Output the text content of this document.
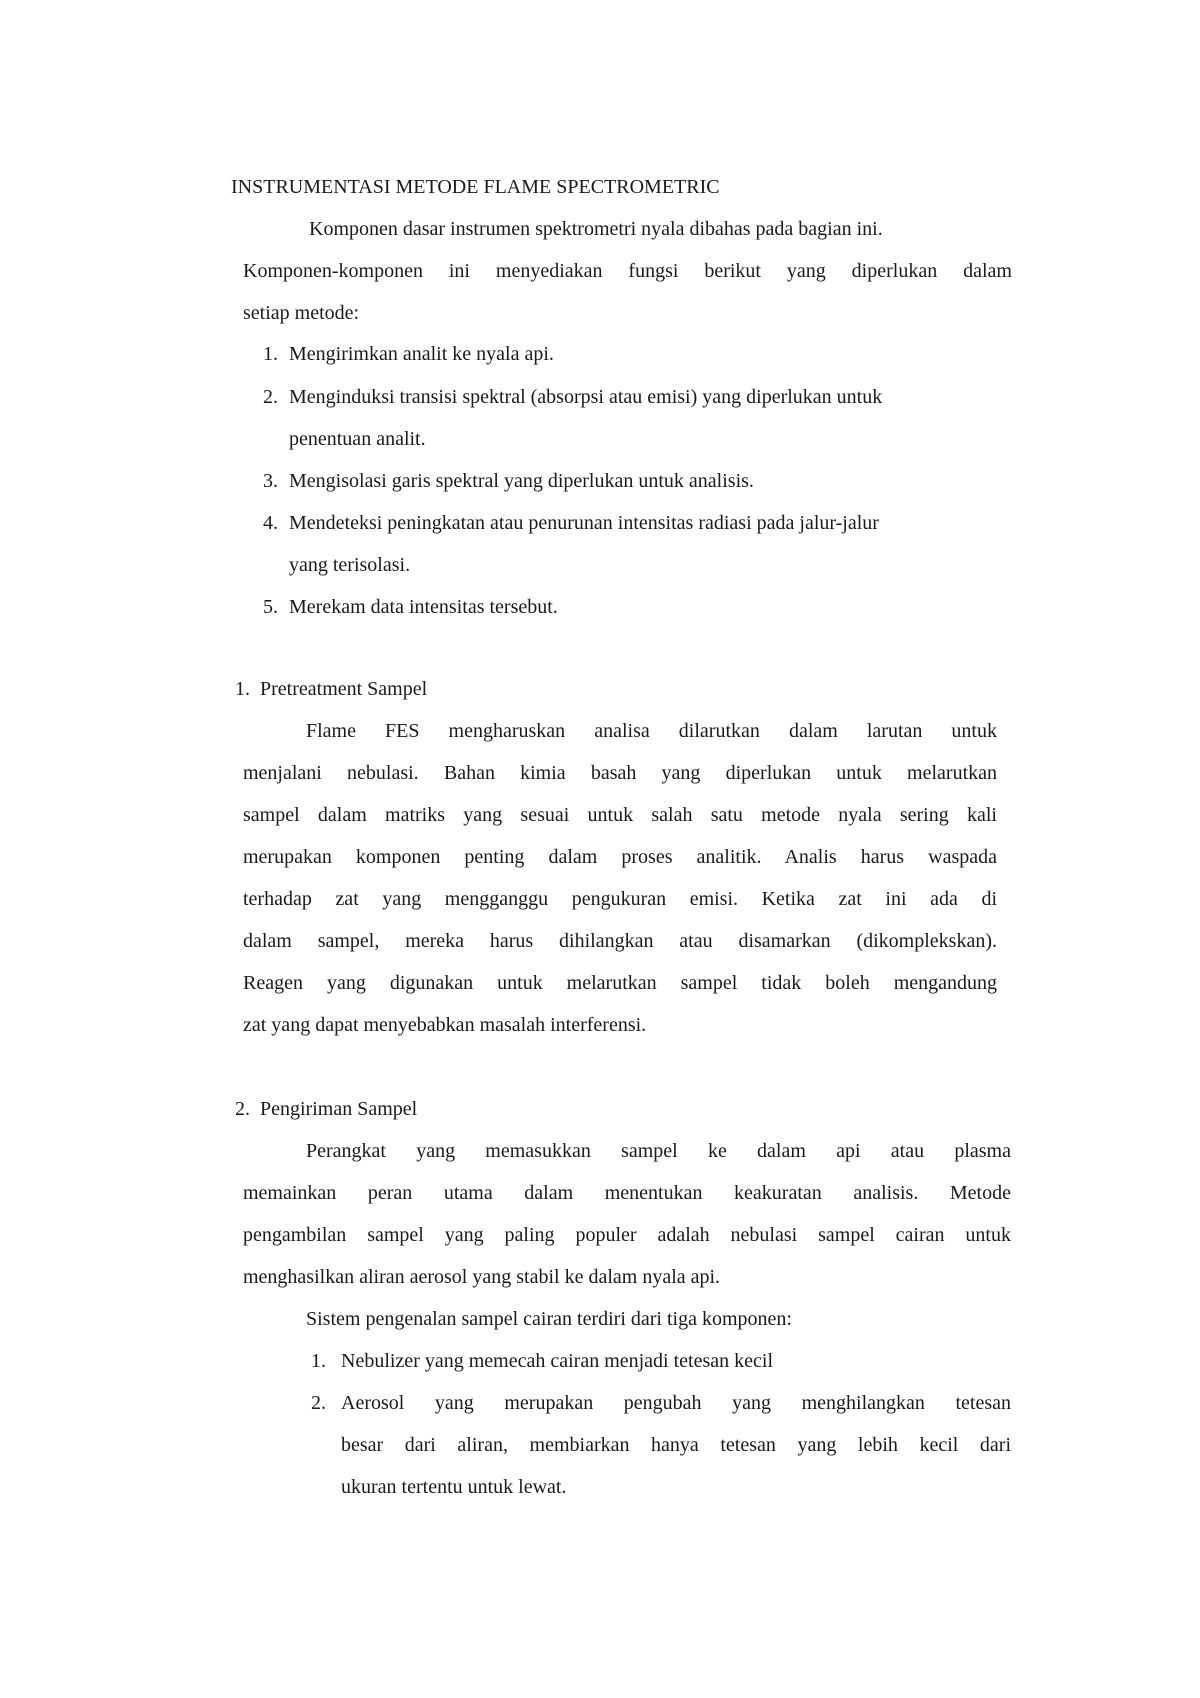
INSTRUMENTASI METODE FLAME SPECTROMETRIC
Komponen dasar instrumen spektrometri nyala dibahas pada bagian ini.
Komponen-komponen ini menyediakan fungsi berikut yang diperlukan dalam
setiap metode:
1. Mengirimkan analit ke nyala api.
2. Menginduksi transisi spektral (absorpsi atau emisi) yang diperlukan untuk
penentuan analit.
3. Mengisolasi garis spektral yang diperlukan untuk analisis.
4. Mendeteksi peningkatan atau penurunan intensitas radiasi pada jalur-jalur
yang terisolasi.
5. Merekam data intensitas tersebut.
1. Pretreatment Sampel
Flame FES mengharuskan analisa dilarutkan dalam larutan untuk
menjalani nebulasi. Bahan kimia basah yang diperlukan untuk melarutkan
sampel dalam matriks yang sesuai untuk salah satu metode nyala sering kali
merupakan komponen penting dalam proses analitik. Analis harus waspada
terhadap zat yang mengganggu pengukuran emisi. Ketika zat ini ada di
dalam sampel, mereka harus dihilangkan atau disamarkan (dikomplekskan).
Reagen yang digunakan untuk melarutkan sampel tidak boleh mengandung
zat yang dapat menyebabkan masalah interferensi.
2. Pengiriman Sampel
Perangkat yang memasukkan sampel ke dalam api atau plasma
memainkan peran utama dalam menentukan keakuratan analisis. Metode
pengambilan sampel yang paling populer adalah nebulasi sampel cairan untuk
menghasilkan aliran aerosol yang stabil ke dalam nyala api.
Sistem pengenalan sampel cairan terdiri dari tiga komponen:
1. Nebulizer yang memecah cairan menjadi tetesan kecil
2. Aerosol yang merupakan pengubah yang menghilangkan tetesan
besar dari aliran, membiarkan hanya tetesan yang lebih kecil dari
ukuran tertentu untuk lewat.
